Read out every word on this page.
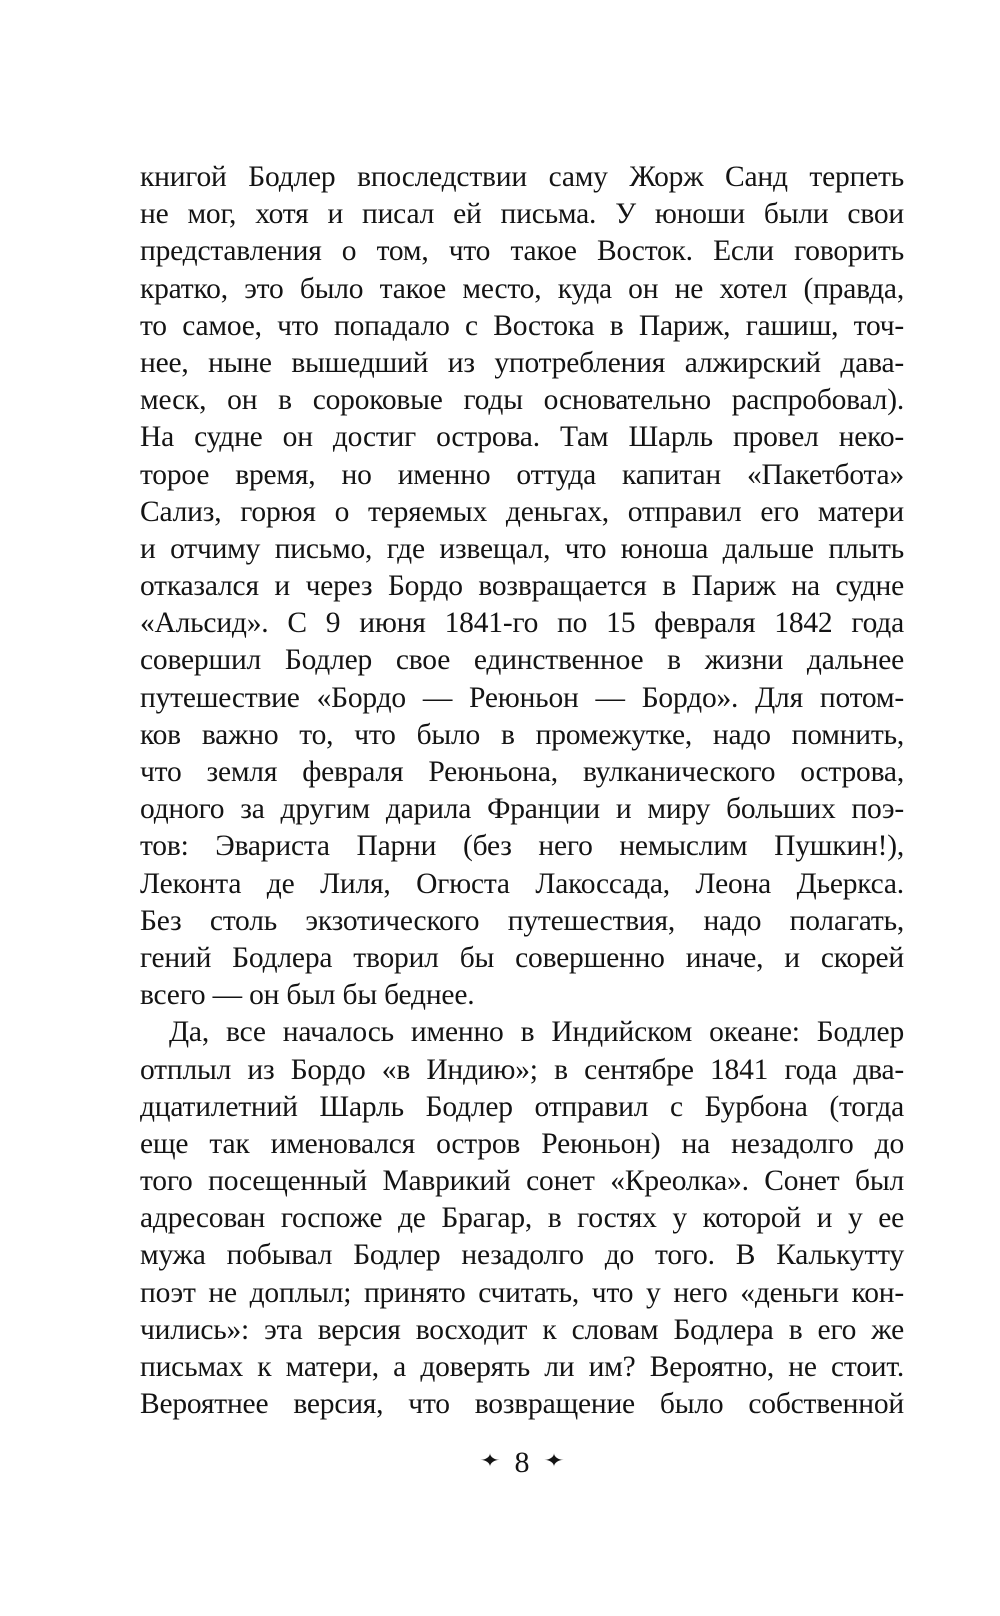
книгой Бодлер впоследствии саму Жорж Санд терпеть
не мог, хотя и писал ей письма. У юноши были свои
представления о том, что такое Восток. Если говорить
кратко, это было такое место, куда он не хотел (правда,
то самое, что попадало с Востока в Париж, гашиш, точ-
нее, ныне вышедший из употребления алжирский дава-
меск, он в сороковые годы основательно распробовал).
На судне он достиг острова. Там Шарль провел неко-
торое время, но именно оттуда капитан «Пакетбота»
Сализ, горюя о теряемых деньгах, отправил его матери
и отчиму письмо, где извещал, что юноша дальше плыть
отказался и через Бордо возвращается в Париж на судне
«Альсид». С 9 июня 1841-го по 15 февраля 1842 года
совершил Бодлер свое единственное в жизни дальнее
путешествие «Бордо — Реюньон — Бордо». Для потом-
ков важно то, что было в промежутке, надо помнить,
что земля февраля Реюньона, вулканического острова,
одного за другим дарила Франции и миру больших поэ-
тов: Эвариста Парни (без него немыслим Пушкин!),
Леконта де Лиля, Огюста Лакоссада, Леона Дьеркса.
Без столь экзотического путешествия, надо полагать,
гений Бодлера творил бы совершенно иначе, и скорей
всего — он был бы беднее.
Да, все началось именно в Индийском океане: Бодлер
отплыл из Бордо «в Индию»; в сентябре 1841 года два-
дцатилетний Шарль Бодлер отправил с Бурбона (тогда
еще так именовался остров Реюньон) на незадолго до
того посещенный Маврикий сонет «Креолка». Сонет был
адресован госпоже де Брагар, в гостях у которой и у ее
мужа побывал Бодлер незадолго до того. В Калькутту
поэт не доплыл; принято считать, что у него «деньги кон-
чились»: эта версия восходит к словам Бодлера в его же
письмах к матери, а доверять ли им? Вероятно, не стоит.
Вероятнее версия, что возвращение было собственной
✦ 8 ✦
